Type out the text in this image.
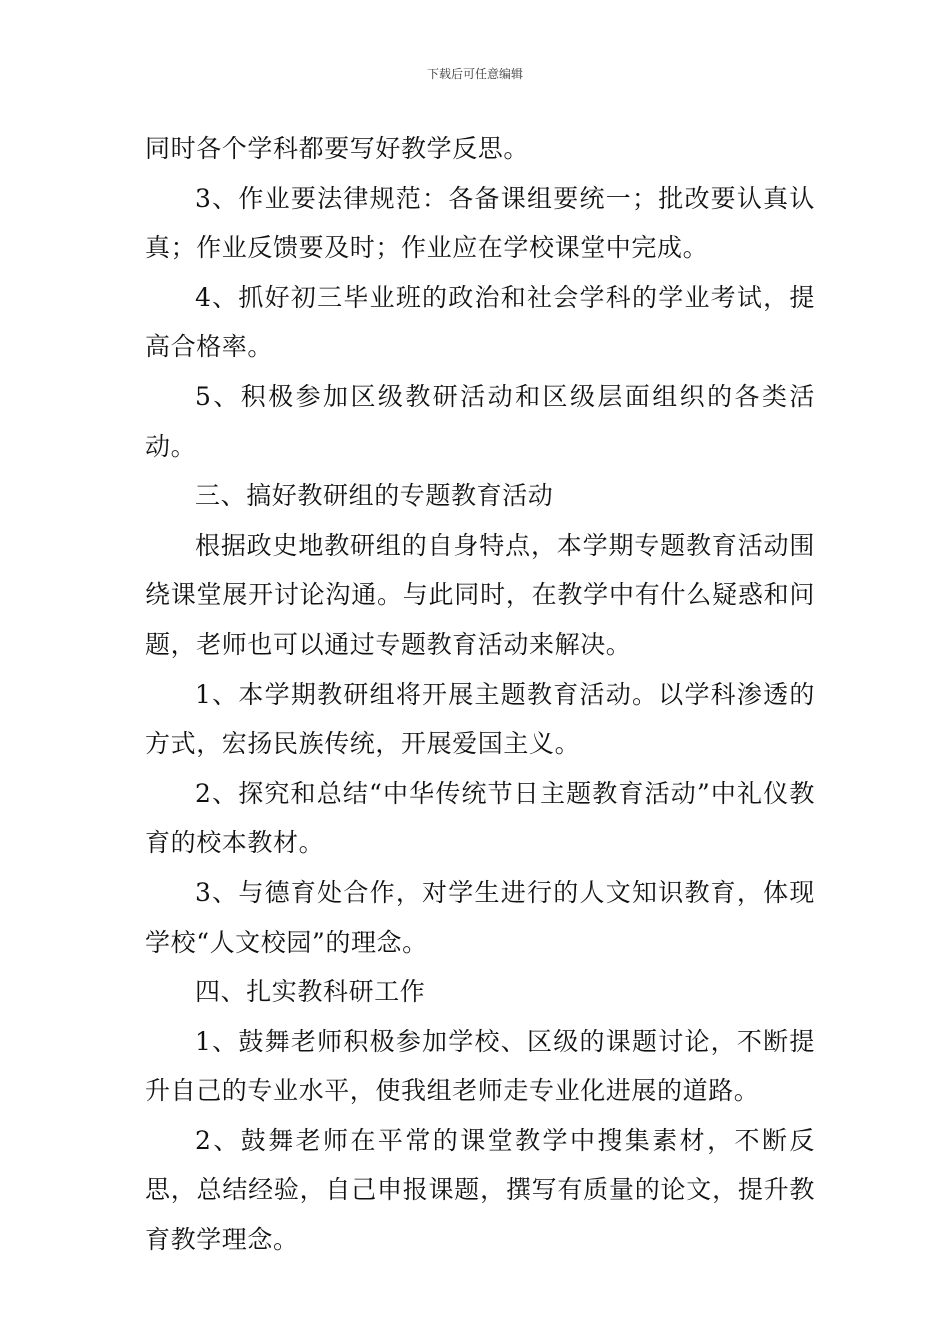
下载后可任意编辑

同时各个学科都要写好教学反思。

3、作业要法律规范：各备课组要统一；批改要认真认真；作业反馈要及时；作业应在学校课堂中完成。

4、抓好初三毕业班的政治和社会学科的学业考试，提高合格率。

5、积极参加区级教研活动和区级层面组织的各类活动。

三、搞好教研组的专题教育活动

根据政史地教研组的自身特点，本学期专题教育活动围绕课堂展开讨论沟通。与此同时，在教学中有什么疑惑和问题，老师也可以通过专题教育活动来解决。

1、本学期教研组将开展主题教育活动。以学科渗透的方式，宏扬民族传统，开展爱国主义。

2、探究和总结“中华传统节日主题教育活动”中礼仪教育的校本教材。

3、与德育处合作，对学生进行的人文知识教育，体现学校“人文校园”的理念。

四、扎实教科研工作

1、鼓舞老师积极参加学校、区级的课题讨论，不断提升自己的专业水平，使我组老师走专业化进展的道路。

2、鼓舞老师在平常的课堂教学中搜集素材，不断反思，总结经验，自己申报课题，撰写有质量的论文，提升教育教学理念。
